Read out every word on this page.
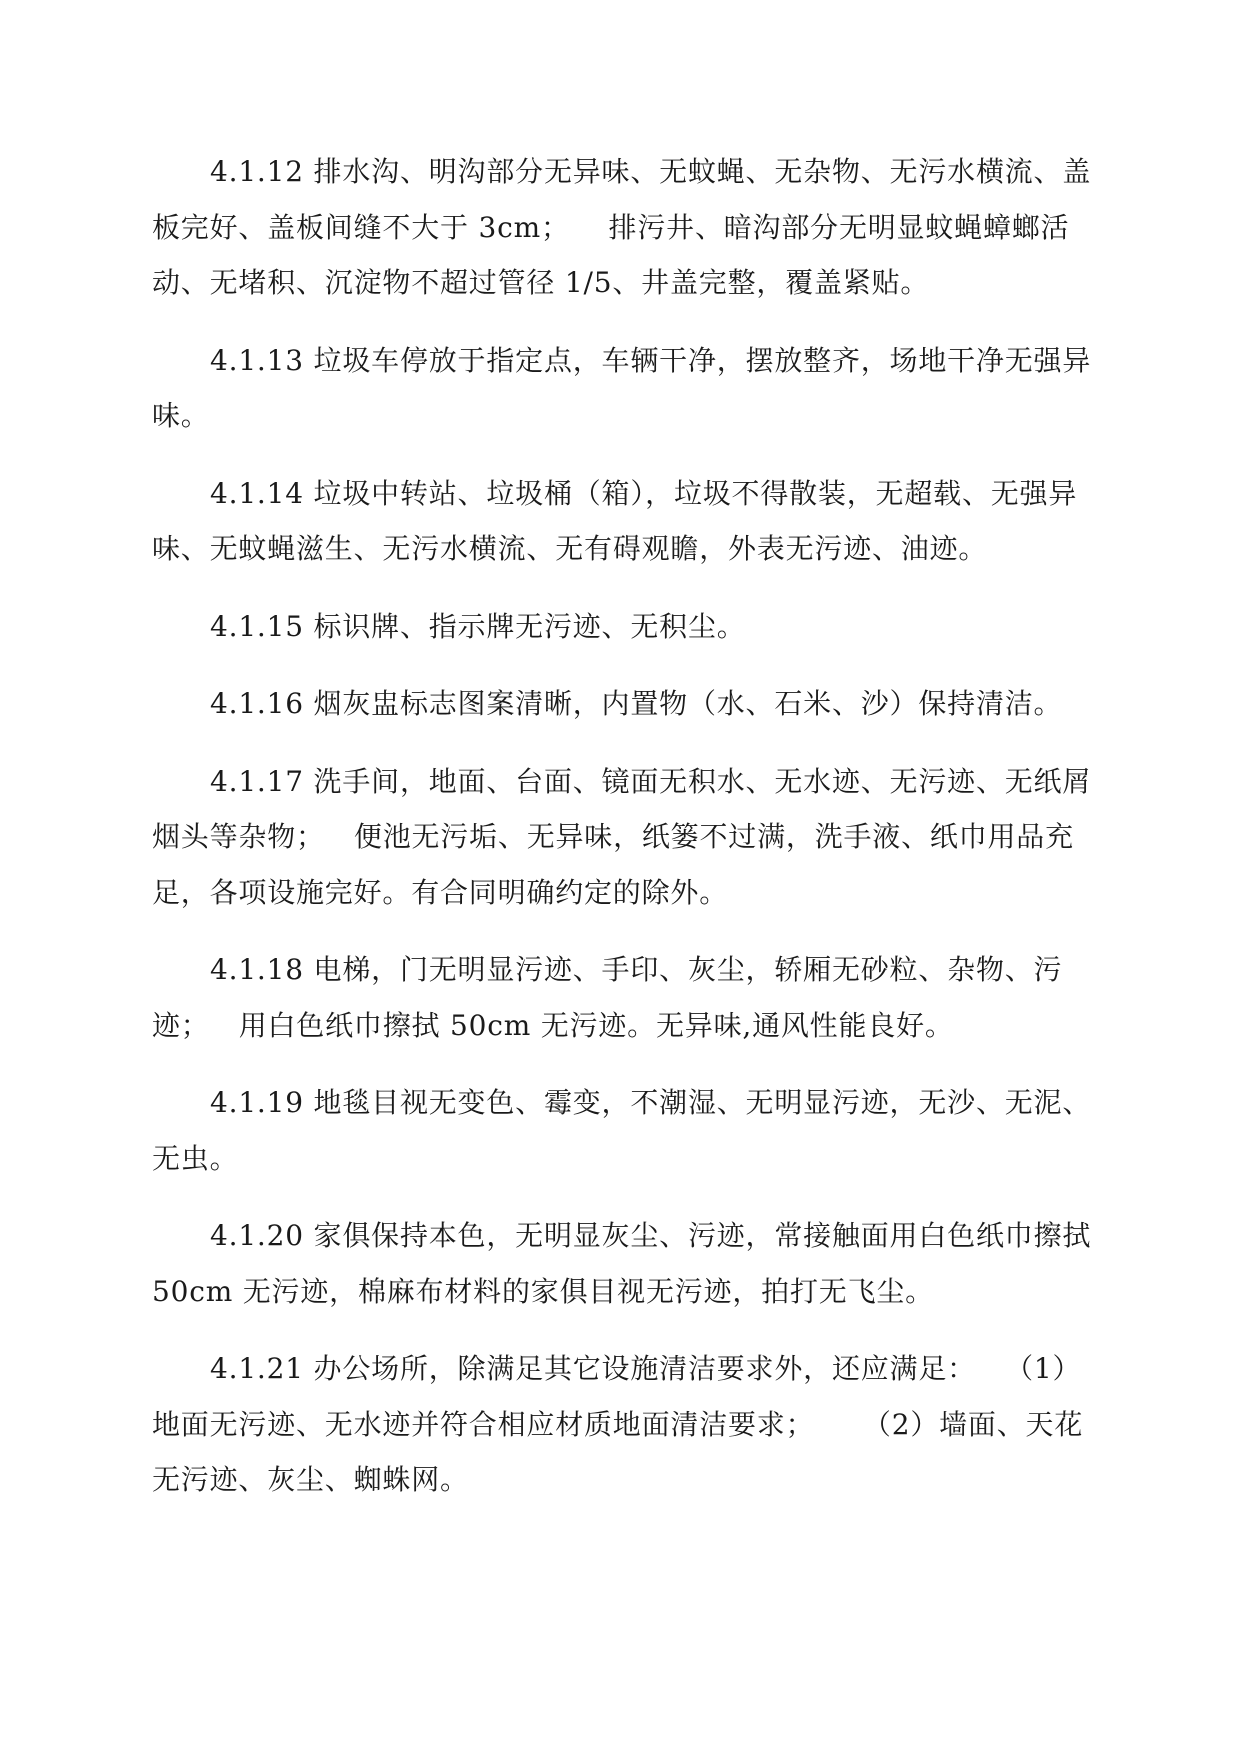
4.1.12 排水沟、明沟部分无异味、无蚊蝇、无杂物、无污水横流、盖板完好、盖板间缝不大于 3cm；    排污井、暗沟部分无明显蚊蝇蟑螂活动、无堵积、沉淀物不超过管径 1/5、井盖完整，覆盖紧贴。

4.1.13 垃圾车停放于指定点，车辆干净，摆放整齐，场地干净无强异味。

4.1.14 垃圾中转站、垃圾桶（箱），垃圾不得散装，无超载、无强异味、无蚊蝇滋生、无污水横流、无有碍观瞻，外表无污迹、油迹。

4.1.15 标识牌、指示牌无污迹、无积尘。

4.1.16 烟灰盅标志图案清晰，内置物（水、石米、沙）保持清洁。

4.1.17 洗手间，地面、台面、镜面无积水、无水迹、无污迹、无纸屑烟头等杂物；   便池无污垢、无异味，纸篓不过满，洗手液、纸巾用品充足，各项设施完好。有合同明确约定的除外。

4.1.18 电梯，门无明显污迹、手印、灰尘，轿厢无砂粒、杂物、污迹；   用白色纸巾擦拭 50cm 无污迹。无异味,通风性能良好。

4.1.19 地毯目视无变色、霉变，不潮湿、无明显污迹，无沙、无泥、无虫。

4.1.20 家俱保持本色，无明显灰尘、污迹，常接触面用白色纸巾擦拭 50cm 无污迹，棉麻布材料的家俱目视无污迹，拍打无飞尘。

4.1.21 办公场所，除满足其它设施清洁要求外，还应满足：   （1）地面无污迹、无水迹并符合相应材质地面清洁要求；     （2）墙面、天花无污迹、灰尘、蜘蛛网。
